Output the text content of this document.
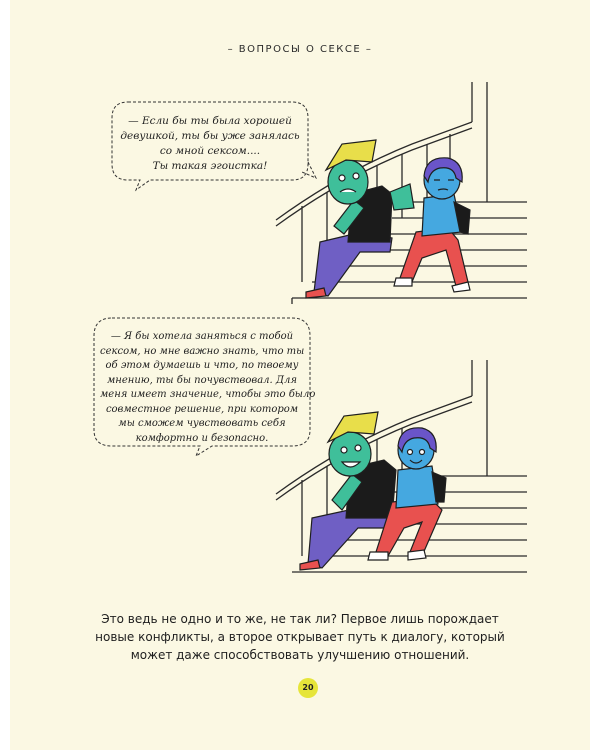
– ВОПРОСЫ О СЕКСЕ –
— Если бы ты была хорошей
девушкой, ты бы уже занялась
со мной сексом....
Ты такая эгоистка!
— Я бы хотела заняться с тобой
сексом, но мне важно знать, что ты
об этом думаешь и что, по твоему
мнению, ты бы почувствовал. Для
меня имеет значение, чтобы это было
совместное решение, при котором
мы сможем чувствовать себя
комфортно и безопасно.
Это ведь не одно и то же, не так ли? Первое лишь порождает
новые конфликты, а второе открывает путь к диалогу, который
может даже способствовать улучшению отношений.
20
